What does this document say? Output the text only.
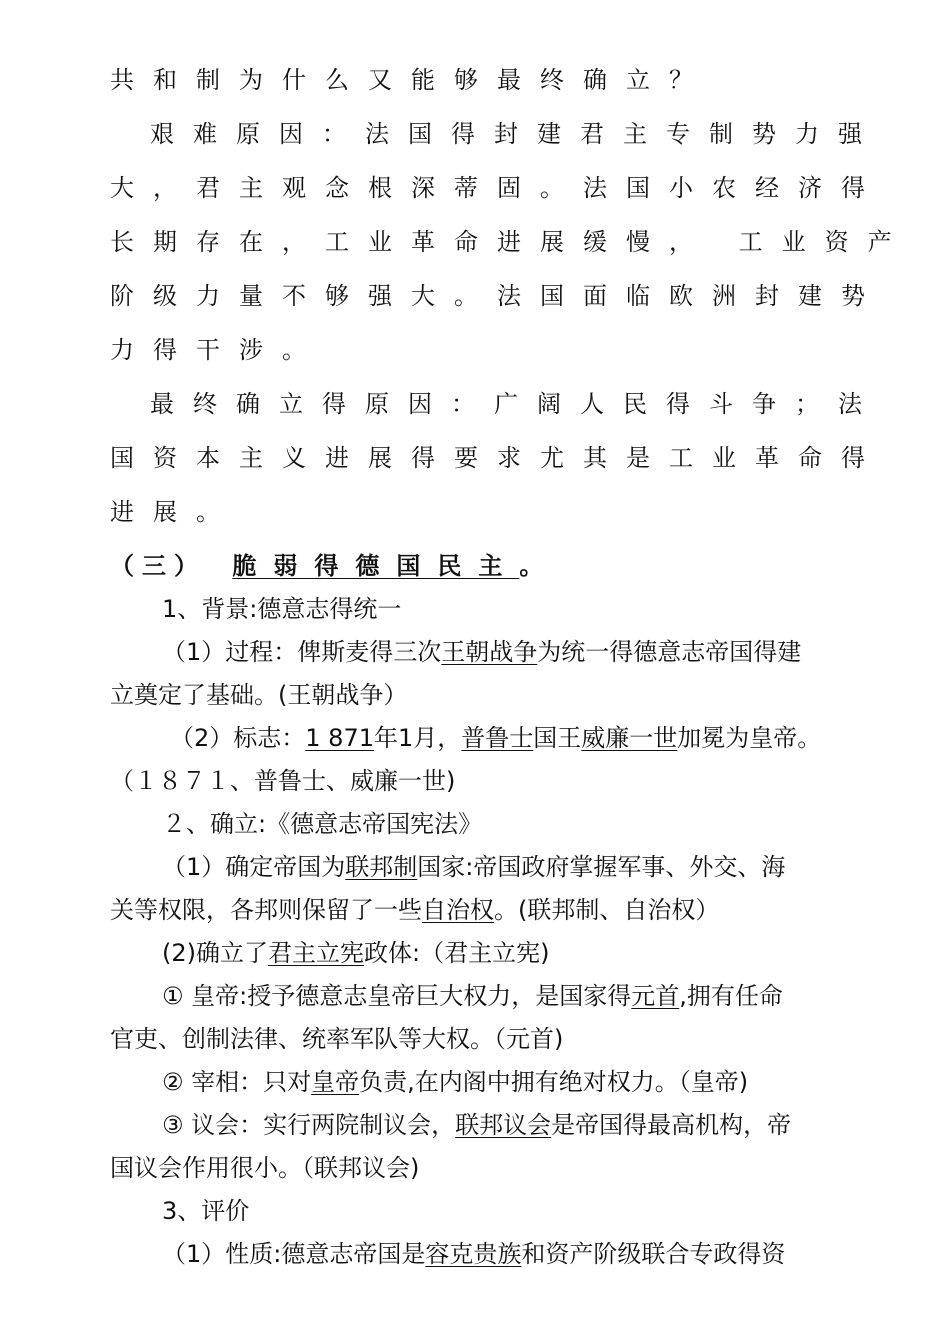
共和制为什么又能够最终确立？
艰难原因：法国得封建君主专制势力强
大，君主观念根深蒂固。法国小农经济得
长期存在，工业革命进展缓慢， 工业资产
阶级力量不够强大。法国面临欧洲封建势
力得干涉。
最终确立得原因：广阔人民得斗争；法
国资本主义进展得要求尤其是工业革命得
进展。
（三） 脆弱得德国民主。
1、背景:德意志得统一
（1）过程：俾斯麦得三次王朝战争为统一得德意志帝国得建
立奠定了基础。(王朝战争）
（2）标志：1 871年1月，普鲁士国王威廉一世加冕为皇帝。
（１８７１、普鲁士、威廉一世)
２、确立:《德意志帝国宪法》
（1）确定帝国为联邦制国家:帝国政府掌握军事、外交、海
关等权限，各邦则保留了一些自治权。(联邦制、自治权）
(2)确立了君主立宪政体:（君主立宪)
① 皇帝:授予德意志皇帝巨大权力，是国家得元首,拥有任命
官吏、创制法律、统率军队等大权。（元首)
② 宰相：只对皇帝负责,在内阁中拥有绝对权力。（皇帝)
③ 议会：实行两院制议会，联邦议会是帝国得最高机构，帝
国议会作用很小。（联邦议会)
3、评价
（1）性质:德意志帝国是容克贵族和资产阶级联合专政得资
